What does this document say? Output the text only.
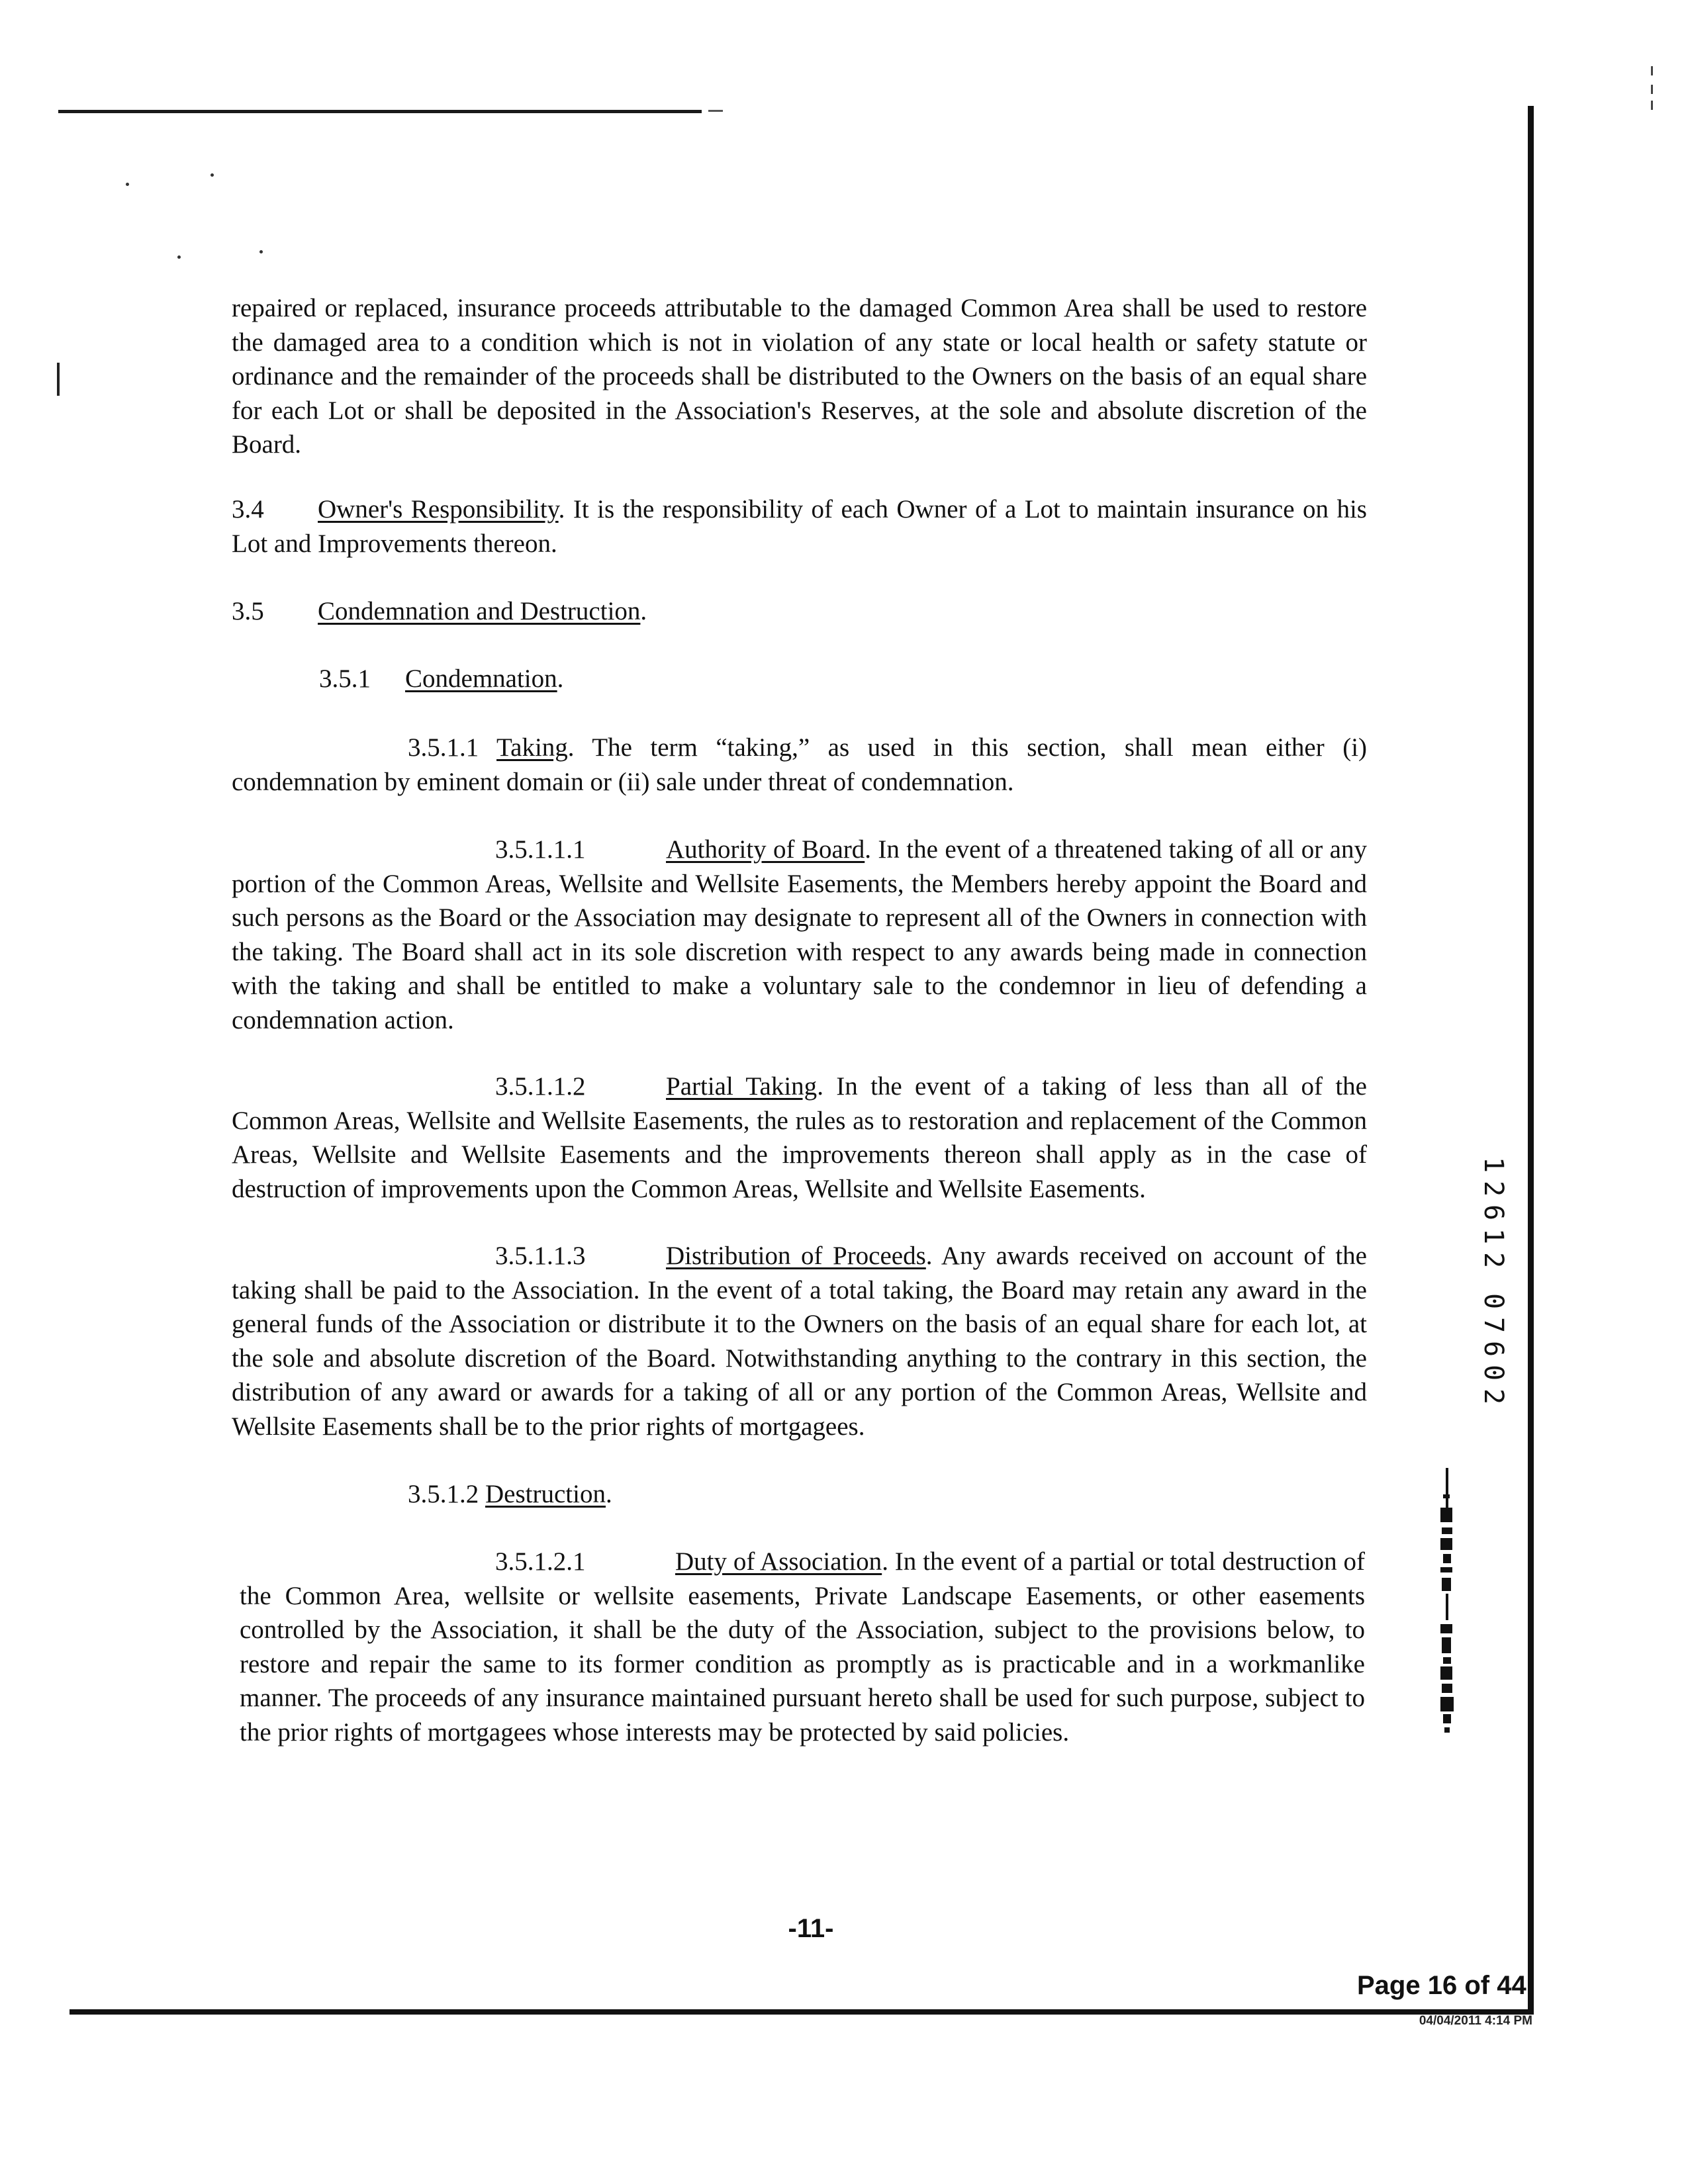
repaired or replaced, insurance proceeds attributable to the damaged Common Area shall be used to restore the damaged area to a condition which is not in violation of any state or local health or safety statute or ordinance and the remainder of the proceeds shall be distributed to the Owners on the basis of an equal share for each Lot or shall be deposited in the Association's Reserves, at the sole and absolute discretion of the Board.

3.4 Owner's Responsibility. It is the responsibility of each Owner of a Lot to maintain insurance on his Lot and Improvements thereon.

3.5 Condemnation and Destruction.

3.5.1 Condemnation.

3.5.1.1 Taking. The term “taking,” as used in this section, shall mean either (i) condemnation by eminent domain or (ii) sale under threat of condemnation.

3.5.1.1.1	Authority of Board. In the event of a threatened taking of all or any portion of the Common Areas, Wellsite and Wellsite Easements, the Members hereby appoint the Board and such persons as the Board or the Association may designate to represent all of the Owners in connection with the taking. The Board shall act in its sole discretion with respect to any awards being made in connection with the taking and shall be entitled to make a voluntary sale to the condemnor in lieu of defending a condemnation action.

3.5.1.1.2	Partial Taking. In the event of a taking of less than all of the Common Areas, Wellsite and Wellsite Easements, the rules as to restoration and replacement of the Common Areas, Wellsite and Wellsite Easements and the improvements thereon shall apply as in the case of destruction of improvements upon the Common Areas, Wellsite and Wellsite Easements.

3.5.1.1.3	Distribution of Proceeds. Any awards received on account of the taking shall be paid to the Association. In the event of a total taking, the Board may retain any award in the general funds of the Association or distribute it to the Owners on the basis of an equal share for each lot, at the sole and absolute discretion of the Board. Notwithstanding anything to the contrary in this section, the distribution of any award or awards for a taking of all or any portion of the Common Areas, Wellsite and Wellsite Easements shall be to the prior rights of mortgagees.

3.5.1.2 Destruction.

3.5.1.2.1	Duty of Association. In the event of a partial or total destruction of the Common Area, wellsite or wellsite easements, Private Landscape Easements, or other easements controlled by the Association, it shall be the duty of the Association, subject to the provisions below, to restore and repair the same to its former condition as promptly as is practicable and in a workmanlike manner. The proceeds of any insurance maintained pursuant hereto shall be used for such purpose, subject to the prior rights of mortgagees whose interests may be protected by said policies.

1
2
6
1
2
0
7
6
0
2
-11-
Page 16 of 44
04/04/2011 4:14 PM
